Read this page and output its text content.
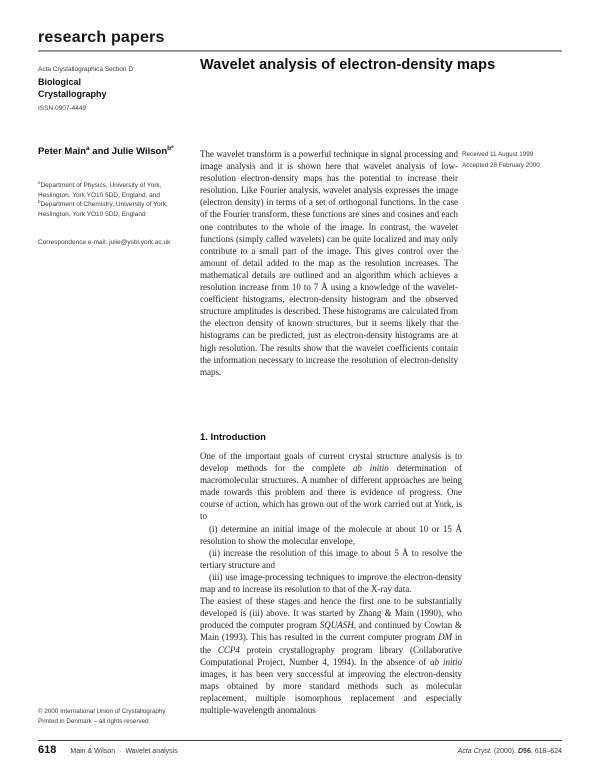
research papers
Acta Crystallographica Section D
Biological
Crystallography
ISSN 0907-4449
Wavelet analysis of electron-density maps
Peter Main$^a$ and Julie Wilson$^{b*}$
$^a$Department of Physics, University of York, Heslington, York YO10 5DD, England, and $^b$Department of Chemistry, University of York, Heslington, York YO10 5DD, England
Correspondence e-mail: julie@ysbl.york.ac.uk
The wavelet transform is a powerful technique in signal processing and image analysis and it is shown here that wavelet analysis of low-resolution electron-density maps has the potential to increase their resolution. Like Fourier analysis, wavelet analysis expresses the image (electron density) in terms of a set of orthogonal functions. In the case of the Fourier transform, these functions are sines and cosines and each one contributes to the whole of the image. In contrast, the wavelet functions (simply called wavelets) can be quite localized and may only contribute to a small part of the image. This gives control over the amount of detail added to the map as the resolution increases. The mathematical details are outlined and an algorithm which achieves a resolution increase from 10 to 7 Å using a knowledge of the wavelet-coefficient histograms, electron-density histogram and the observed structure amplitudes is described. These histograms are calculated from the electron density of known structures, but it seems likely that the histograms can be predicted, just as electron-density histograms are at high resolution. The results show that the wavelet coefficients contain the information necessary to increase the resolution of electron-density maps.
Received 11 August 1999
Accepted 28 February 2000
1. Introduction

One of the important goals of current crystal structure analysis is to develop methods for the complete ab initio determination of macromolecular structures. A number of different approaches are being made towards this problem and there is evidence of progress. One course of action, which has grown out of the work carried out at York, is to

(i) determine an initial image of the molecule at about 10 or 15 Å resolution to show the molecular envelope,

(ii) increase the resolution of this image to about 5 Å to resolve the tertiary structure and

(iii) use image-processing techniques to improve the electron-density map and to increase its resolution to that of the X-ray data.

The easiest of these stages and hence the first one to be substantially developed is (iii) above. It was started by Zhang & Main (1990), who produced the computer program SQUASH, and continued by Cowtan & Main (1993). This has resulted in the current computer program DM in the CCP4 protein crystallography program library (Collaborative Computational Project, Number 4, 1994). In the absence of ab initio images, it has been very successful at improving the electron-density maps obtained by more standard methods such as molecular replacement, multiple isomorphous replacement and especially multiple-wavelength anomalous

© 2000 International Union of Crystallography
Printed in Denmark – all rights reserved
618 Main & Wilson · Wavelet analysis	Acta Cryst. (2000). D56, 618–624
